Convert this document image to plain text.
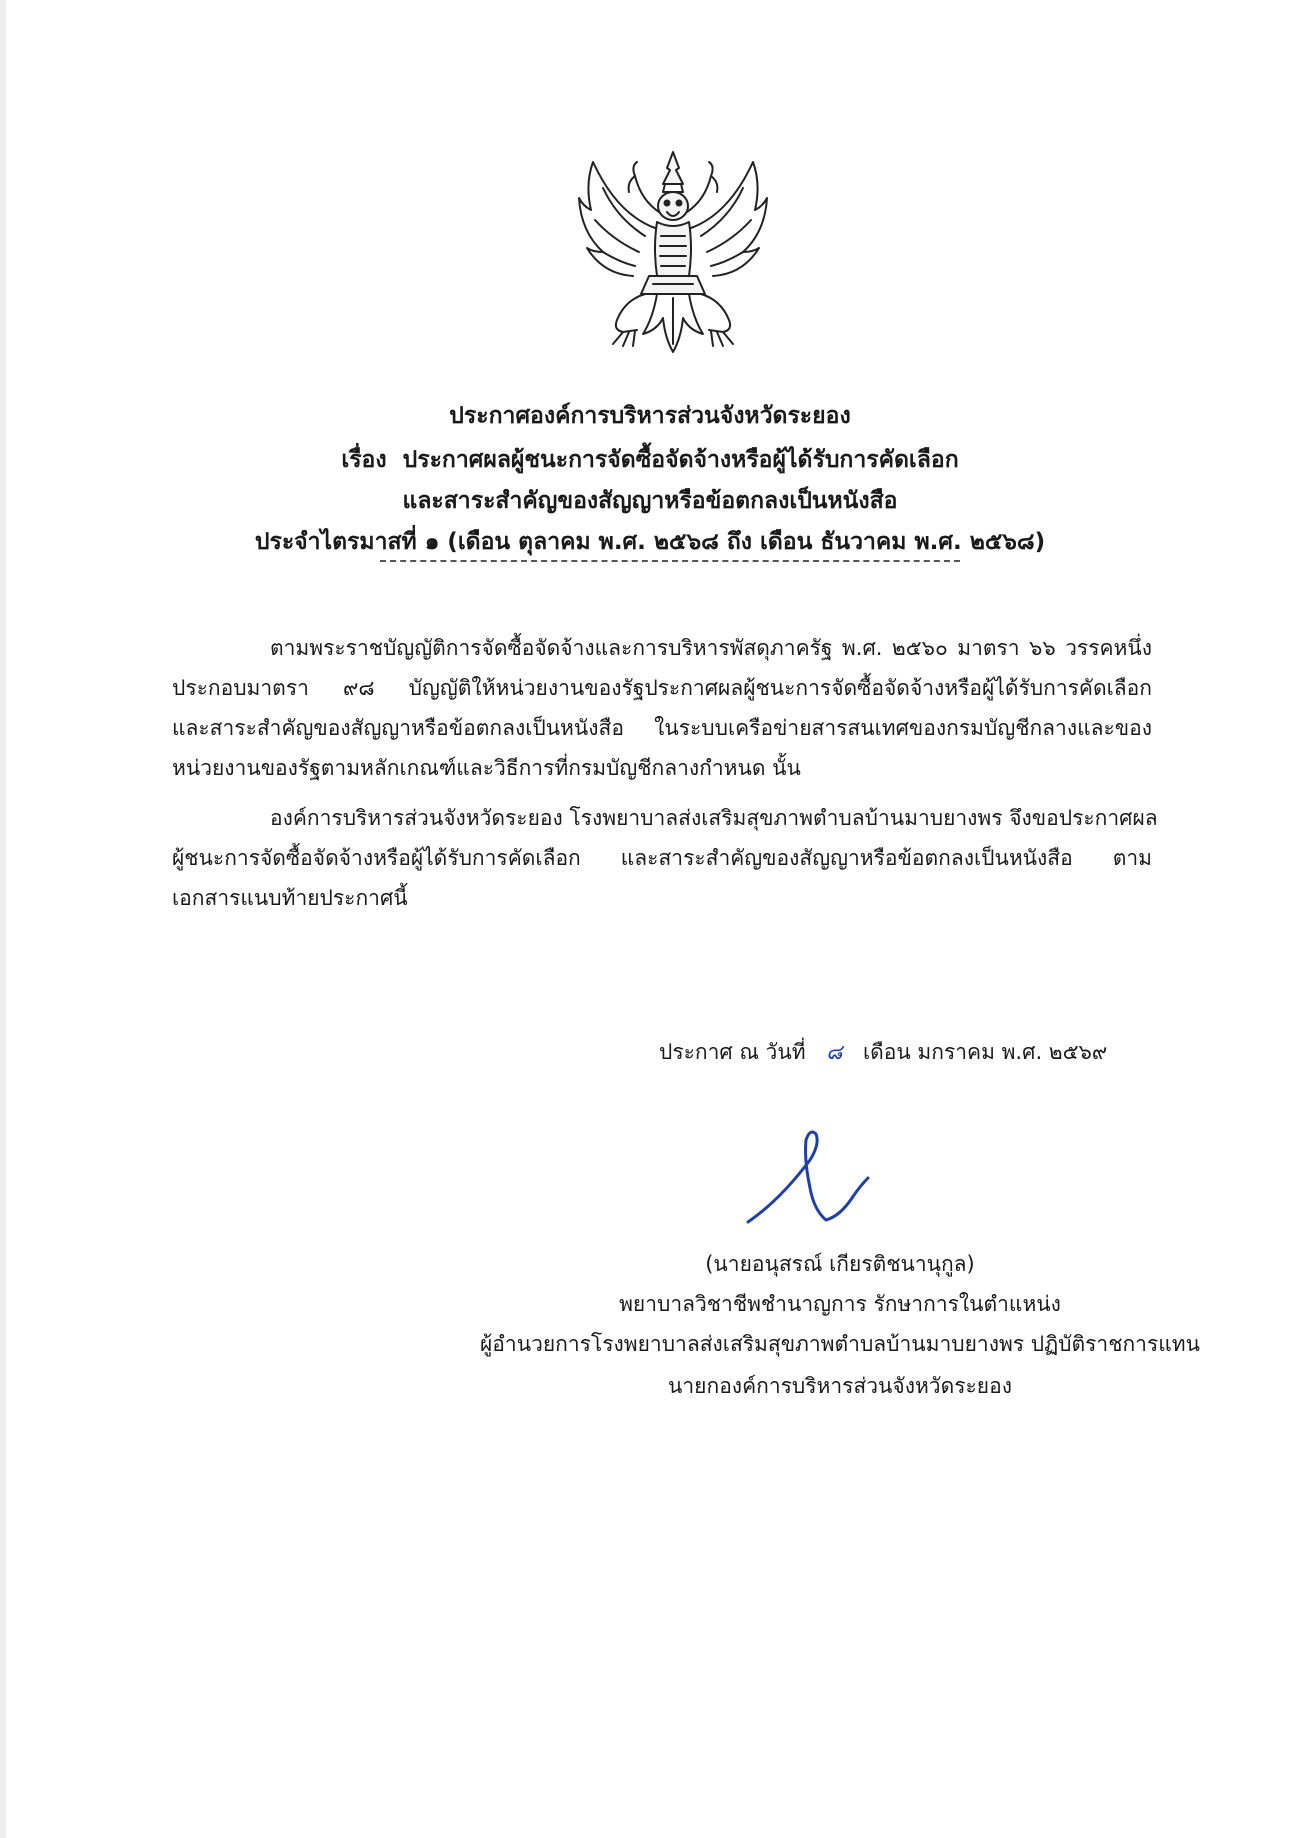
ประกาศองค์การบริหารส่วนจังหวัดระยอง
เรื่อง ประกาศผลผู้ชนะการจัดซื้อจัดจ้างหรือผู้ได้รับการคัดเลือก
และสาระสำคัญของสัญญาหรือข้อตกลงเป็นหนังสือ
ประจำไตรมาสที่ ๑ (เดือน ตุลาคม พ.ศ. ๒๕๖๘ ถึง เดือน ธันวาคม พ.ศ. ๒๕๖๘)
ตามพระราชบัญญัติการจัดซื้อจัดจ้างและการบริหารพัสดุภาครัฐ พ.ศ. ๒๕๖๐ มาตรา ๖๖ วรรคหนึ่ง
ประกอบมาตรา ๙๘ บัญญัติให้หน่วยงานของรัฐประกาศผลผู้ชนะการจัดซื้อจัดจ้างหรือผู้ได้รับการคัดเลือก
และสาระสำคัญของสัญญาหรือข้อตกลงเป็นหนังสือ ในระบบเครือข่ายสารสนเทศของกรมบัญชีกลางและของ
หน่วยงานของรัฐตามหลักเกณฑ์และวิธีการที่กรมบัญชีกลางกำหนด นั้น
องค์การบริหารส่วนจังหวัดระยอง โรงพยาบาลส่งเสริมสุขภาพตำบลบ้านมาบยางพร จึงขอประกาศผล
ผู้ชนะการจัดซื้อจัดจ้างหรือผู้ได้รับการคัดเลือก และสาระสำคัญของสัญญาหรือข้อตกลงเป็นหนังสือ ตาม
เอกสารแนบท้ายประกาศนี้
ประกาศ ณ วันที่ ๘ เดือน มกราคม พ.ศ. ๒๕๖๙
(นายอนุสรณ์ เกียรติชนานุกูล)
พยาบาลวิชาชีพชำนาญการ รักษาการในตำแหน่ง
ผู้อำนวยการโรงพยาบาลส่งเสริมสุขภาพตำบลบ้านมาบยางพร ปฏิบัติราชการแทน
นายกองค์การบริหารส่วนจังหวัดระยอง
